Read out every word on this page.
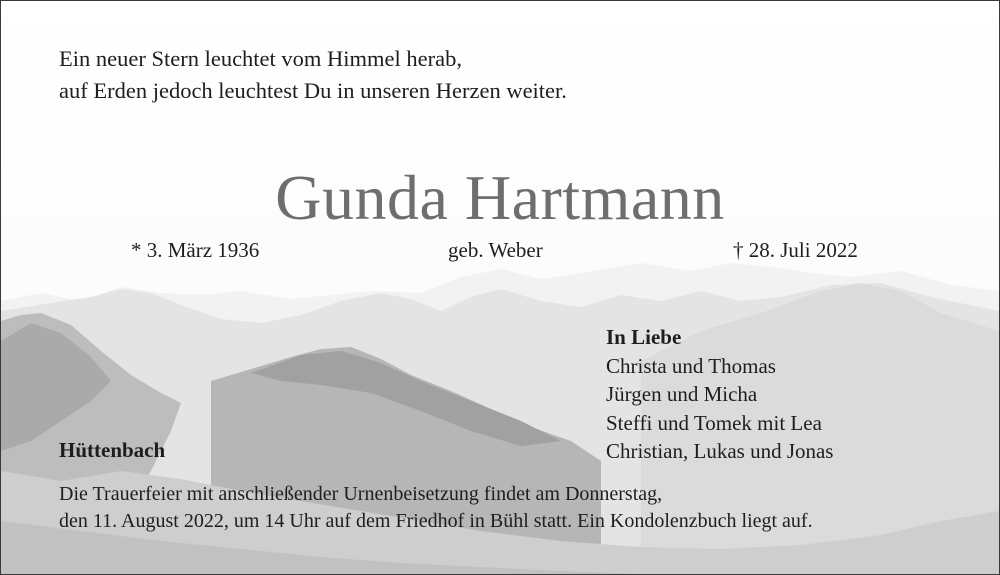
Ein neuer Stern leuchtet vom Himmel herab,
auf Erden jedoch leuchtest Du in unseren Herzen weiter.
Gunda Hartmann
* 3. März 1936	geb. Weber	† 28. Juli 2022
In Liebe
Christa und Thomas
Jürgen und Micha
Steffi und Tomek mit Lea
Christian, Lukas und Jonas
Hüttenbach
Die Trauerfeier mit anschließender Urnenbeisetzung findet am Donnerstag,
den 11. August 2022, um 14 Uhr auf dem Friedhof in Bühl statt. Ein Kondolenzbuch liegt auf.
